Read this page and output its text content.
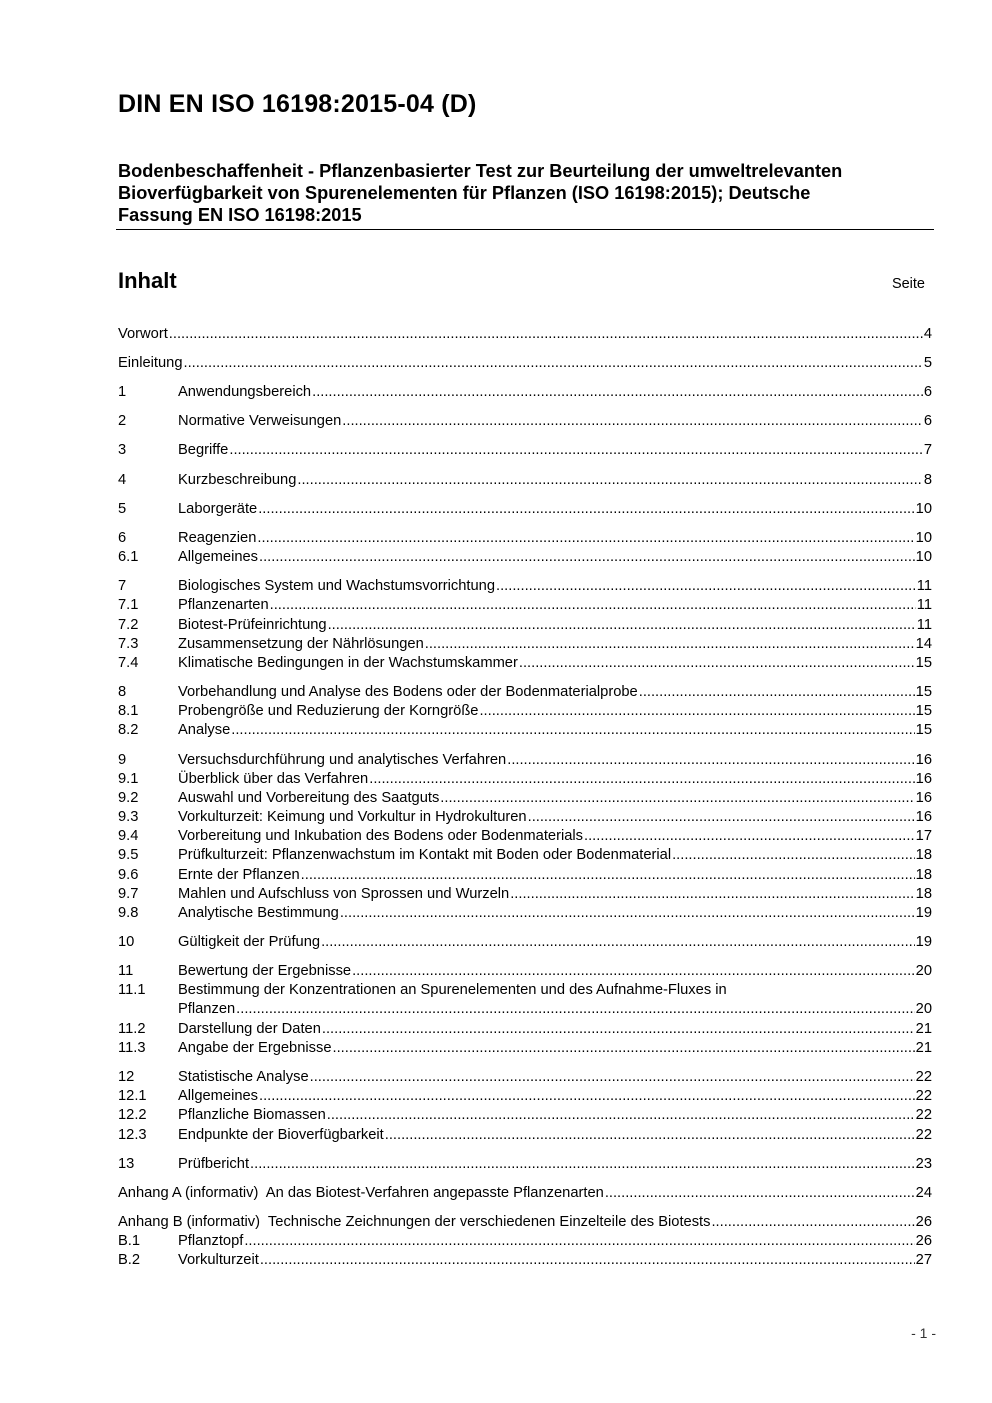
DIN EN ISO 16198:2015-04 (D)
Bodenbeschaffenheit - Pflanzenbasierter Test zur Beurteilung der umweltrelevanten
Bioverfügbarkeit von Spurenelementen für Pflanzen (ISO 16198:2015); Deutsche
Fassung EN ISO 16198:2015
Inhalt	Seite
Vorwort .....	4
Einleitung .....	5
1	Anwendungsbereich .....	6
2	Normative Verweisungen .....	6
3	Begriffe .....	7
4	Kurzbeschreibung .....	8
5	Laborgeräte .....	10
6	Reagenzien .....	10
6.1	Allgemeines .....	10
7	Biologisches System und Wachstumsvorrichtung .....	11
7.1	Pflanzenarten .....	11
7.2	Biotest-Prüfeinrichtung .....	11
7.3	Zusammensetzung der Nährlösungen .....	14
7.4	Klimatische Bedingungen in der Wachstumskammer .....	15
8	Vorbehandlung und Analyse des Bodens oder der Bodenmaterialprobe .....	15
8.1	Probengröße und Reduzierung der Korngröße .....	15
8.2	Analyse .....	15
9	Versuchsdurchführung und analytisches Verfahren .....	16
9.1	Überblick über das Verfahren .....	16
9.2	Auswahl und Vorbereitung des Saatguts .....	16
9.3	Vorkulturzeit: Keimung und Vorkultur in Hydrokulturen .....	16
9.4	Vorbereitung und Inkubation des Bodens oder Bodenmaterials .....	17
9.5	Prüfkulturzeit: Pflanzenwachstum im Kontakt mit Boden oder Bodenmaterial .....	18
9.6	Ernte der Pflanzen .....	18
9.7	Mahlen und Aufschluss von Sprossen und Wurzeln .....	18
9.8	Analytische Bestimmung .....	19
10	Gültigkeit der Prüfung .....	19
11	Bewertung der Ergebnisse .....	20
11.1 Bestimmung der Konzentrationen an Spurenelementen und des Aufnahme-Fluxes in
Pflanzen .....	20
11.2 Darstellung der Daten .....	21
11.3 Angabe der Ergebnisse .....	21
12	Statistische Analyse .....	22
12.1 Allgemeines .....	22
12.2 Pflanzliche Biomassen .....	22
12.3 Endpunkte der Bioverfügbarkeit .....	22
13	Prüfbericht .....	23
Anhang A (informativ)  An das Biotest-Verfahren angepasste Pflanzenarten .....	24
Anhang B (informativ)  Technische Zeichnungen der verschiedenen Einzelteile des Biotests .....	26
B.1	Pflanztopf .....	26
B.2	Vorkulturzeit .....	27
- 1 -
